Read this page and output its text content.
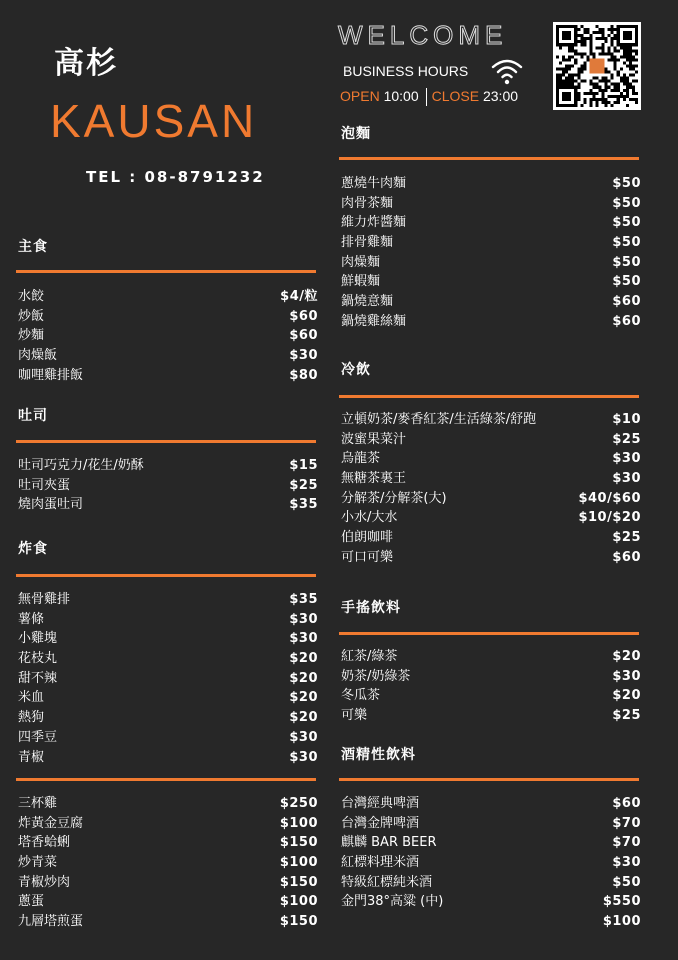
高杉
KAUSAN
TEL : 08-8791232
WELCOME
BUSINESS HOURS
OPEN 10:00 CLOSE 23:00
主食
水餃	$4/粒
炒飯	$60
炒麵	$60
肉燥飯	$30
咖哩雞排飯	$80
吐司
吐司巧克力/花生/奶酥	$15
吐司夾蛋	$25
燒肉蛋吐司	$35
炸食
無骨雞排	$35
薯條	$30
小雞塊	$30
花枝丸	$20
甜不辣	$20
米血	$20
熱狗	$20
四季豆	$30
青椒	$30
三杯雞	$250
炸黃金豆腐	$100
塔香蛤蜊	$150
炒青菜	$100
青椒炒肉	$150
蔥蛋	$100
九層塔煎蛋	$150
泡麵
蔥燒牛肉麵	$50
肉骨茶麵	$50
維力炸醬麵	$50
排骨雞麵	$50
肉燥麵	$50
鮮蝦麵	$50
鍋燒意麵	$60
鍋燒雞絲麵	$60
冷飲
立頓奶茶/麥香紅茶/生活綠茶/舒跑	$10
波蜜果菜汁	$25
烏龍茶	$30
無糖茶裏王	$30
分解茶/分解茶(大)	$40/$60
小水/大水	$10/$20
伯朗咖啡	$25
可口可樂	$60
手搖飲料
紅茶/綠茶	$20
奶茶/奶綠茶	$30
冬瓜茶	$20
可樂	$25
酒精性飲料
台灣經典啤酒	$60
台灣金牌啤酒	$70
麒麟 BAR BEER	$70
紅標料理米酒	$30
特級紅標純米酒	$50
金門38°高粱 (中)	$550
$100
